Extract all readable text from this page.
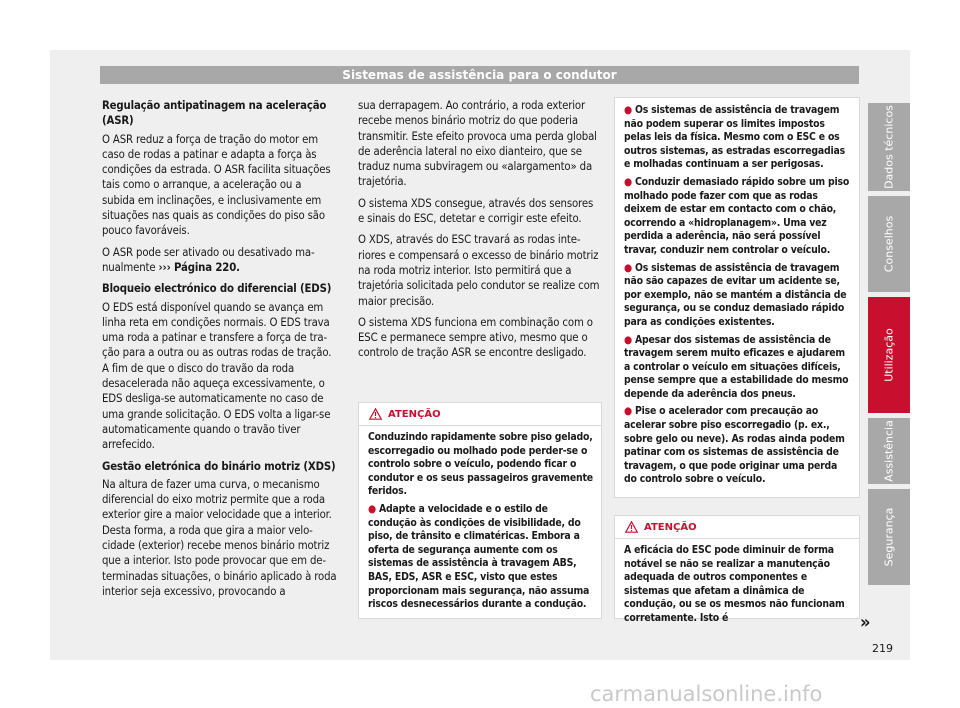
Sistemas de assistência para o condutor
Regulação antipatinagem na aceleração (ASR)

O ASR reduz a força de tração do motor em caso de rodas a patinar e adapta a força às condições da estrada. O ASR facilita situações tais como o arranque, a aceleração ou a subida em inclinações, e inclusivamente em situações nas quais as condições do piso são pouco favoráveis.

O ASR pode ser ativado ou desativado manualmente ››› Página 220.

Bloqueio electrónico do diferencial (EDS)

O EDS está disponível quando se avança em linha reta em condições normais. O EDS trava uma roda a patinar e transfere a força de tração para a outra ou as outras rodas de tração. A fim de que o disco do travão da roda desacelerada não aqueça excessivamente, o EDS desliga-se automaticamente no caso de uma grande solicitação. O EDS volta a ligar-se automaticamente quando o travão tiver arrefecido.

Gestão eletrónica do binário motriz (XDS)

Na altura de fazer uma curva, o mecanismo diferencial do eixo motriz permite que a roda exterior gire a maior velocidade que a interior. Desta forma, a roda que gira a maior velocidade (exterior) recebe menos binário motriz que a interior. Isto pode provocar que em determinadas situações, o binário aplicado à roda interior seja excessivo, provocando a

sua derrapagem. Ao contrário, a roda exterior recebe menos binário motriz do que poderia transmitir. Este efeito provoca uma perda global de aderência lateral no eixo dianteiro, que se traduz numa subviragem ou «alargamento» da trajetória.

O sistema XDS consegue, através dos sensores e sinais do ESC, detetar e corrigir este efeito.

O XDS, através do ESC travará as rodas interiores e compensará o excesso de binário motriz na roda motriz interior. Isto permitirá que a trajetória solicitada pelo condutor se realize com maior precisão.

O sistema XDS funciona em combinação com o ESC e permanece sempre ativo, mesmo que o controlo de tração ASR se encontre desligado.

ATENÇÃO

Conduzindo rapidamente sobre piso gelado, escorregadio ou molhado pode perder-se o controlo sobre o veículo, podendo ficar o condutor e os seus passageiros gravemente feridos.

● Adapte a velocidade e o estilo de condução às condições de visibilidade, do piso, de trânsito e climatéricas. Embora a oferta de segurança aumente com os sistemas de assistência à travagem ABS, BAS, EDS, ASR e ESC, visto que estes proporcionam mais segurança, não assuma riscos desnecessários durante a condução.

● Os sistemas de assistência de travagem não podem superar os limites impostos pelas leis da física. Mesmo com o ESC e os outros sistemas, as estradas escorregadias e molhadas continuam a ser perigosas.

● Conduzir demasiado rápido sobre um piso molhado pode fazer com que as rodas deixem de estar em contacto com o chão, ocorrendo a «hidroplanagem». Uma vez perdida a aderência, não será possível travar, conduzir nem controlar o veículo.

● Os sistemas de assistência de travagem não são capazes de evitar um acidente se, por exemplo, não se mantém a distância de segurança, ou se conduz demasiado rápido para as condições existentes.

● Apesar dos sistemas de assistência de travagem serem muito eficazes e ajudarem a controlar o veículo em situações difíceis, pense sempre que a estabilidade do mesmo depende da aderência dos pneus.

● Pise o acelerador com precaução ao acelerar sobre piso escorregadio (p. ex., sobre gelo ou neve). As rodas ainda podem patinar com os sistemas de assistência de travagem, o que pode originar uma perda do controlo sobre o veículo.

ATENÇÃO

A eficácia do ESC pode diminuir de forma notável se não se realizar a manutenção adequada de outros componentes e sistemas que afetam a dinâmica de condução, ou se os mesmos não funcionam corretamente. Isto é	»
Dados técnicos
Conselhos
Utilização
Assistência
Segurança
219
carmanualsonline.info
